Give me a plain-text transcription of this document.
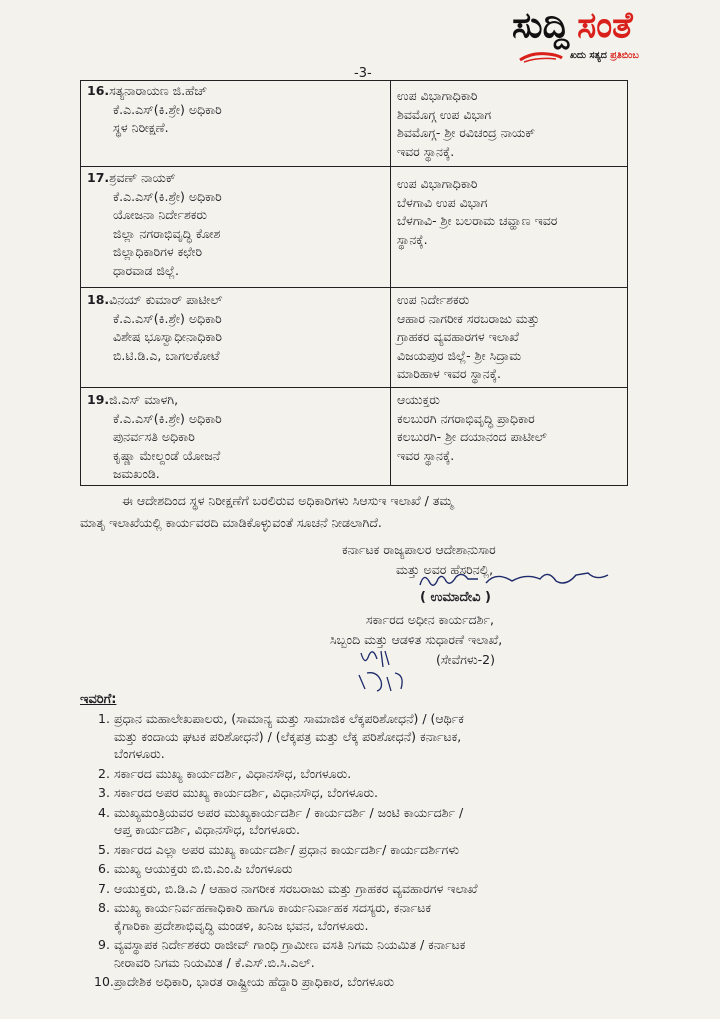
ಸುದ್ದಿ ಸಂತೆ
ಖದು ಸತ್ಯದ ಪ್ರತಿಬಿಂಬ
-3-
16.ಸತ್ಯನಾರಾಯಣ ಜಿ.ಹೆಚ್
ಕೆ.ಎ.ಎಸ್(ಕಿ.ಶ್ರೇ) ಅಧಿಕಾರಿ
ಸ್ಥಳ ನಿರೀಕ್ಷಣೆ.
ಉಪ ವಿಭಾಗಾಧಿಕಾರಿ
ಶಿವಮೊಗ್ಗ ಉಪ ವಿಭಾಗ
ಶಿವಮೊಗ್ಗ- ಶ್ರೀ ರವಿಚಂದ್ರ ನಾಯಕ್
ಇವರ ಸ್ಥಾನಕ್ಕೆ.
17.ಶ್ರವಣ್ ನಾಯಕ್
ಕೆ.ಎ.ಎಸ್(ಕಿ.ಶ್ರೇ) ಅಧಿಕಾರಿ
ಯೋಜನಾ ನಿರ್ದೇಶಕರು
ಜಿಲ್ಲಾ ನಗರಾಭಿವೃದ್ಧಿ ಕೋಶ
ಜಿಲ್ಲಾಧಿಕಾರಿಗಳ ಕಛೇರಿ
ಧಾರವಾಡ ಜಿಲ್ಲೆ.
ಉಪ ವಿಭಾಗಾಧಿಕಾರಿ
ಬೆಳಗಾವಿ ಉಪ ವಿಭಾಗ
ಬೆಳಗಾವಿ- ಶ್ರೀ ಬಲರಾಮ ಚವ್ಹಾಣ ಇವರ
ಸ್ಥಾನಕ್ಕೆ.
18.ವಿನಯ್ ಕುಮಾರ್ ಪಾಟೀಲ್
ಕೆ.ಎ.ಎಸ್(ಕಿ.ಶ್ರೇ) ಅಧಿಕಾರಿ
ವಿಶೇಷ ಭೂಸ್ವಾಧೀನಾಧಿಕಾರಿ
ಬಿ.ಟಿ.ಡಿ.ಎ, ಬಾಗಲಕೋಟೆ
ಉಪ ನಿರ್ದೇಶಕರು
ಆಹಾರ ನಾಗರೀಕ ಸರಬರಾಜು ಮತ್ತು
ಗ್ರಾಹಕರ ವ್ಯವಹಾರಗಳ ಇಲಾಖೆ
ವಿಜಯಪುರ ಜಿಲ್ಲೆ- ಶ್ರೀ ಸಿದ್ರಾಮ
ಮಾರಿಹಾಳ ಇವರ ಸ್ಥಾನಕ್ಕೆ.
19.ಜಿ.ಎಸ್ ಮಾಳಗಿ,
ಕೆ.ಎ.ಎಸ್(ಕಿ.ಶ್ರೇ) ಅಧಿಕಾರಿ
ಪುನರ್ವಸತಿ ಅಧಿಕಾರಿ
ಕೃಷ್ಣಾ ಮೇಲ್ದಂಡೆ ಯೋಜನೆ
ಜಮಖಂಡಿ.
ಆಯುಕ್ತರು
ಕಲಬುರಗಿ ನಗರಾಭಿವೃದ್ಧಿ ಪ್ರಾಧಿಕಾರ
ಕಲಬುರಗಿ- ಶ್ರೀ ದಯಾನಂದ ಪಾಟೀಲ್
ಇವರ ಸ್ಥಾನಕ್ಕೆ.
ಈ ಆದೇಶದಿಂದ ಸ್ಥಳ ನಿರೀಕ್ಷಣೆಗೆ ಬರಲಿರುವ ಅಧಿಕಾರಿಗಳು ಸಿಆಸುಇ ಇಲಾಖೆ / ತಮ್ಮ
ಮಾತೃ ಇಲಾಖೆಯಲ್ಲಿ ಕಾರ್ಯವರದಿ ಮಾಡಿಕೊಳ್ಳುವಂತೆ ಸೂಚನೆ ನೀಡಲಾಗಿದೆ.
ಕರ್ನಾಟಕ ರಾಜ್ಯಪಾಲರ ಆದೇಶಾನುಸಾರ
ಮತ್ತು ಅವರ ಹೆಸರಿನಲ್ಲಿ,
( ಉಮಾದೇವಿ )
ಸರ್ಕಾರದ ಅಧೀನ ಕಾರ್ಯದರ್ಶಿ,
ಸಿಬ್ಬಂದಿ ಮತ್ತು ಆಡಳಿತ ಸುಧಾರಣೆ ಇಲಾಖೆ,
(ಸೇವೆಗಳು-2)
ಇವರಿಗೆ:
1. ಪ್ರಧಾನ ಮಹಾಲೇಖಪಾಲರು, (ಸಾಮಾನ್ಯ ಮತ್ತು ಸಾಮಾಜಿಕ ಲೆಕ್ಕಪರಿಶೋಧನೆ) / (ಆರ್ಥಿಕ
ಮತ್ತು ಕಂದಾಯ ಘಟಕ ಪರಿಶೋಧನೆ) / (ಲೆಕ್ಕಪತ್ರ ಮತ್ತು ಲೆಕ್ಕ ಪರಿಶೋಧನೆ) ಕರ್ನಾಟಕ,
ಬೆಂಗಳೂರು.
2. ಸರ್ಕಾರದ ಮುಖ್ಯ ಕಾರ್ಯದರ್ಶಿ, ವಿಧಾನಸೌಧ, ಬೆಂಗಳೂರು.
3. ಸರ್ಕಾರದ ಅಪರ ಮುಖ್ಯ ಕಾರ್ಯದರ್ಶಿ, ವಿಧಾನಸೌಧ, ಬೆಂಗಳೂರು.
4. ಮುಖ್ಯಮಂತ್ರಿಯವರ ಅಪರ ಮುಖ್ಯಕಾರ್ಯದರ್ಶಿ / ಕಾರ್ಯದರ್ಶಿ / ಜಂಟಿ ಕಾರ್ಯದರ್ಶಿ /
ಆಪ್ತ ಕಾರ್ಯದರ್ಶಿ, ವಿಧಾನಸೌಧ, ಬೆಂಗಳೂರು.
5. ಸರ್ಕಾರದ ಎಲ್ಲಾ ಅಪರ ಮುಖ್ಯ ಕಾರ್ಯದರ್ಶಿ/ ಪ್ರಧಾನ ಕಾರ್ಯದರ್ಶಿ/ ಕಾರ್ಯದರ್ಶಿಗಳು
6. ಮುಖ್ಯ ಆಯುಕ್ತರು ಬಿ.ಬಿ.ಎಂ.ಪಿ ಬೆಂಗಳೂರು
7. ಆಯುಕ್ತರು, ಬಿ.ಡಿ.ಎ / ಆಹಾರ ನಾಗರೀಕ ಸರಬರಾಜು ಮತ್ತು ಗ್ರಾಹಕರ ವ್ಯವಹಾರಗಳ ಇಲಾಖೆ
8. ಮುಖ್ಯ ಕಾರ್ಯನಿರ್ವಹಣಾಧಿಕಾರಿ ಹಾಗೂ ಕಾರ್ಯನಿರ್ವಾಹಕ ಸದಸ್ಯರು, ಕರ್ನಾಟಕ
ಕೈಗಾರಿಕಾ ಪ್ರದೇಶಾಭಿವೃದ್ಧಿ ಮಂಡಳಿ, ಖನಿಜ ಭವನ, ಬೆಂಗಳೂರು.
9. ವ್ಯವಸ್ಥಾಪಕ ನಿರ್ದೇಶಕರು ರಾಜೀವ್ ಗಾಂಧಿ ಗ್ರಾಮೀಣ ವಸತಿ ನಿಗಮ ನಿಯಮಿತ / ಕರ್ನಾಟಕ
ನೀರಾವರಿ ನಿಗಮ ನಿಯಮಿತ / ಕೆ.ಎಸ್.ಬಿ.ಸಿ.ಎಲ್.
10. ಪ್ರಾದೇಶಿಕ ಅಧಿಕಾರಿ, ಭಾರತ ರಾಷ್ಟ್ರೀಯ ಹೆದ್ದಾರಿ ಪ್ರಾಧಿಕಾರ, ಬೆಂಗಳೂರು
